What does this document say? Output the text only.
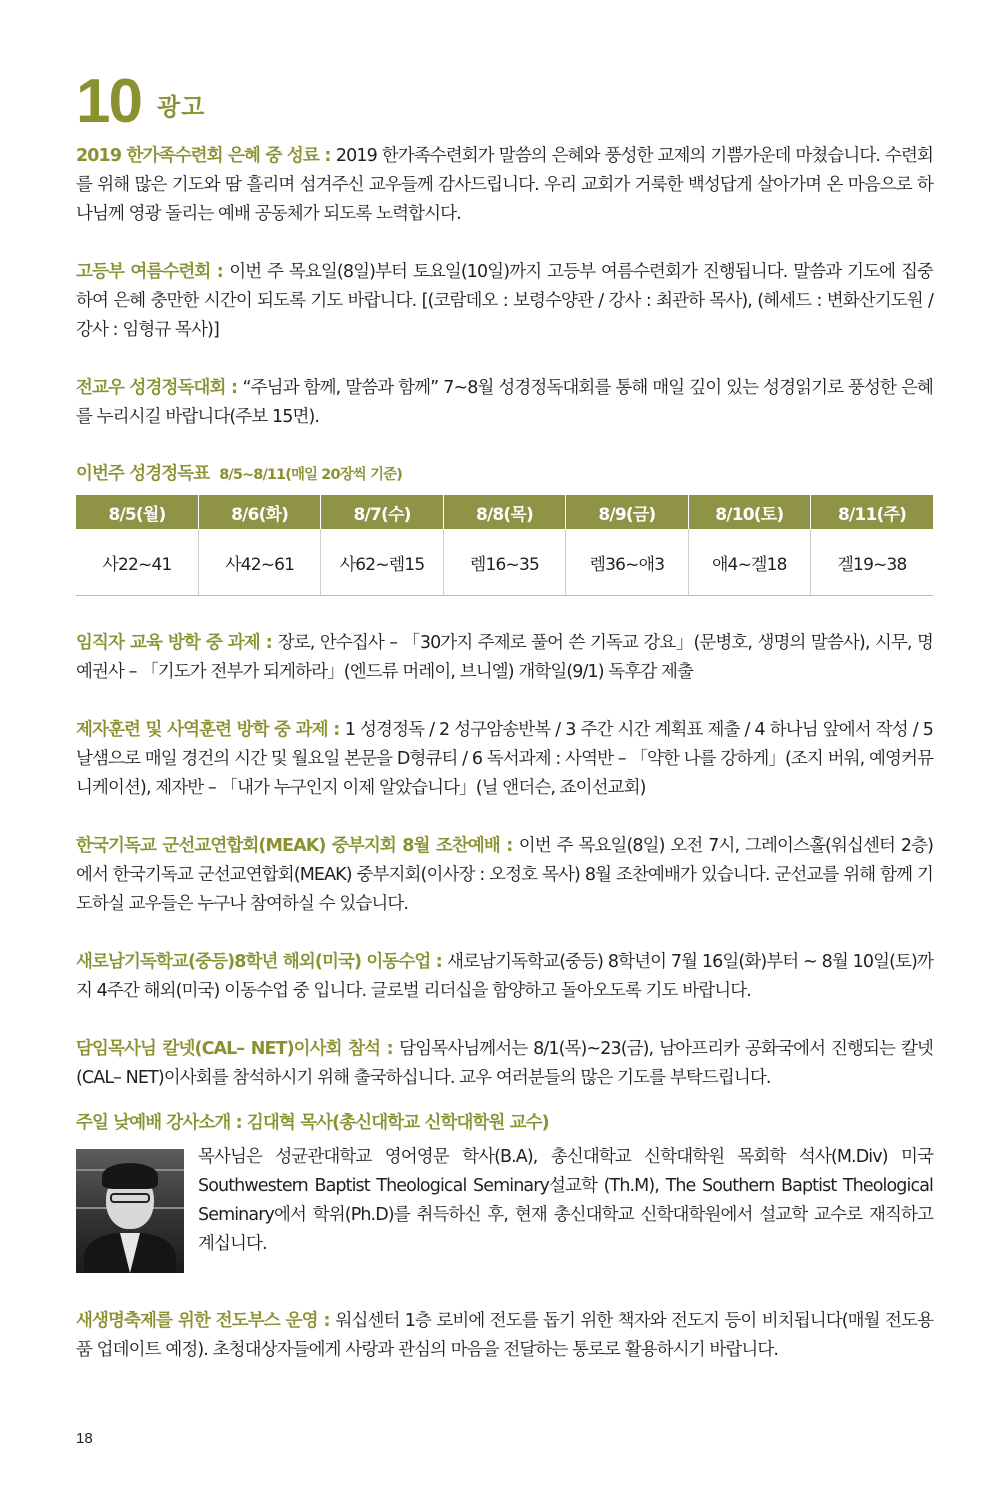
10 광고

2019 한가족수련회 은혜 중 성료 : 2019 한가족수련회가 말씀의 은혜와 풍성한 교제의 기쁨가운데 마쳤습니다. 수련회를 위해 많은 기도와 땀 흘리며 섬겨주신 교우들께 감사드립니다. 우리 교회가 거룩한 백성답게 살아가며 온 마음으로 하나님께 영광 돌리는 예배 공동체가 되도록 노력합시다.

고등부 여름수련회 : 이번 주 목요일(8일)부터 토요일(10일)까지 고등부 여름수련회가 진행됩니다. 말씀과 기도에 집중하여 은혜 충만한 시간이 되도록 기도 바랍니다. [(코람데오 : 보령수양관 / 강사 : 최관하 목사), (헤세드 : 변화산기도원 / 강사 : 임형규 목사)]

전교우 성경정독대회 : “주님과 함께, 말씀과 함께” 7~8월 성경정독대회를 통해 매일 깊이 있는 성경읽기로 풍성한 은혜를 누리시길 바랍니다(주보 15면).

이번주 성경정독표 8/5~8/11(매일 20장씩 기준)
8/5(월)	8/6(화)	8/7(수)	8/8(목)	8/9(금)	8/10(토)	8/11(주)
사22~41	사42~61	사62~렘15	렘16~35	렘36~애3	애4~겔18	겔19~38

임직자 교육 방학 중 과제 : 장로, 안수집사 – 「30가지 주제로 풀어 쓴 기독교 강요」(문병호, 생명의 말씀사), 시무, 명예권사 – 「기도가 전부가 되게하라」(엔드류 머레이, 브니엘) 개학일(9/1) 독후감 제출

제자훈련 및 사역훈련 방학 중 과제 : 1 성경정독 / 2 성구암송반복 / 3 주간 시간 계획표 제출 / 4 하나님 앞에서 작성 / 5 날샘으로 매일 경건의 시간 및 월요일 본문을 D형큐티 / 6 독서과제 : 사역반 – 「약한 나를 강하게」(조지 버워, 예영커뮤니케이션), 제자반 – 「내가 누구인지 이제 알았습니다」(닐 앤더슨, 죠이선교회)

한국기독교 군선교연합회(MEAK) 중부지회 8월 조찬예배 : 이번 주 목요일(8일) 오전 7시, 그레이스홀(워십센터 2층)에서 한국기독교 군선교연합회(MEAK) 중부지회(이사장 : 오정호 목사) 8월 조찬예배가 있습니다. 군선교를 위해 함께 기도하실 교우들은 누구나 참여하실 수 있습니다.

새로남기독학교(중등)8학년 해외(미국) 이동수업 : 새로남기독학교(중등) 8학년이 7월 16일(화)부터 ~ 8월 10일(토)까지 4주간 해외(미국) 이동수업 중 입니다. 글로벌 리더십을 함양하고 돌아오도록 기도 바랍니다.

담임목사님 칼넷(CAL– NET)이사회 참석 : 담임목사님께서는 8/1(목)~23(금), 남아프리카 공화국에서 진행되는 칼넷(CAL– NET)이사회를 참석하시기 위해 출국하십니다. 교우 여러분들의 많은 기도를 부탁드립니다.

주일 낮예배 강사소개 : 김대혁 목사(총신대학교 신학대학원 교수)
목사님은 성균관대학교 영어영문 학사(B.A), 총신대학교 신학대학원 목회학 석사(M.Div) 미국 Southwestern Baptist Theological Seminary설교학 (Th.M), The Southern Baptist Theological Seminary에서 학위(Ph.D)를 취득하신 후, 현재 총신대학교 신학대학원에서 설교학 교수로 재직하고 계십니다.

새생명축제를 위한 전도부스 운영 : 워십센터 1층 로비에 전도를 돕기 위한 책자와 전도지 등이 비치됩니다(매월 전도용품 업데이트 예정). 초청대상자들에게 사랑과 관심의 마음을 전달하는 통로로 활용하시기 바랍니다.

18
